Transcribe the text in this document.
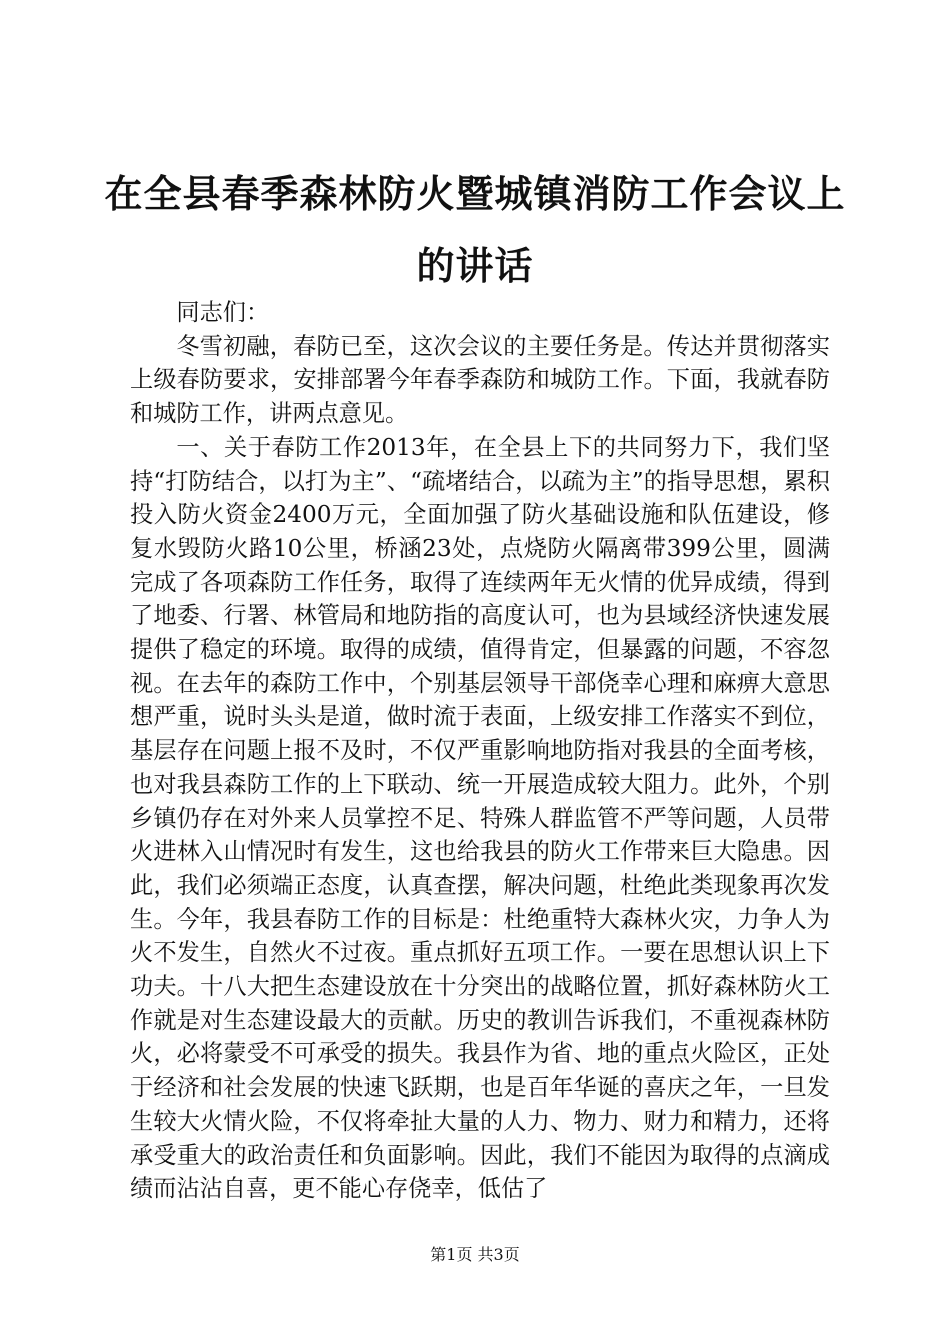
在全县春季森林防火暨城镇消防工作会议上的讲话

同志们：

冬雪初融，春防已至，这次会议的主要任务是。传达并贯彻落实上级春防要求，安排部署今年春季森防和城防工作。下面，我就春防和城防工作，讲两点意见。

一、关于春防工作2013年，在全县上下的共同努力下，我们坚持“打防结合，以打为主”、“疏堵结合，以疏为主”的指导思想，累积投入防火资金2400万元，全面加强了防火基础设施和队伍建设，修复水毁防火路10公里，桥涵23处，点烧防火隔离带399公里，圆满完成了各项森防工作任务，取得了连续两年无火情的优异成绩，得到了地委、行署、林管局和地防指的高度认可，也为县域经济快速发展提供了稳定的环境。取得的成绩，值得肯定，但暴露的问题，不容忽视。在去年的森防工作中，个别基层领导干部侥幸心理和麻痹大意思想严重，说时头头是道，做时流于表面，上级安排工作落实不到位，基层存在问题上报不及时，不仅严重影响地防指对我县的全面考核，也对我县森防工作的上下联动、统一开展造成较大阻力。此外，个别乡镇仍存在对外来人员掌控不足、特殊人群监管不严等问题，人员带火进林入山情况时有发生，这也给我县的防火工作带来巨大隐患。因此，我们必须端正态度，认真查摆，解决问题，杜绝此类现象再次发生。今年，我县春防工作的目标是：杜绝重特大森林火灾，力争人为火不发生，自然火不过夜。重点抓好五项工作。一要在思想认识上下功夫。十八大把生态建设放在十分突出的战略位置，抓好森林防火工作就是对生态建设最大的贡献。历史的教训告诉我们，不重视森林防火，必将蒙受不可承受的损失。我县作为省、地的重点火险区，正处于经济和社会发展的快速飞跃期，也是百年华诞的喜庆之年，一旦发生较大火情火险，不仅将牵扯大量的人力、物力、财力和精力，还将承受重大的政治责任和负面影响。因此，我们不能因为取得的点滴成绩而沾沾自喜，更不能心存侥幸，低估了

第1页 共3页
